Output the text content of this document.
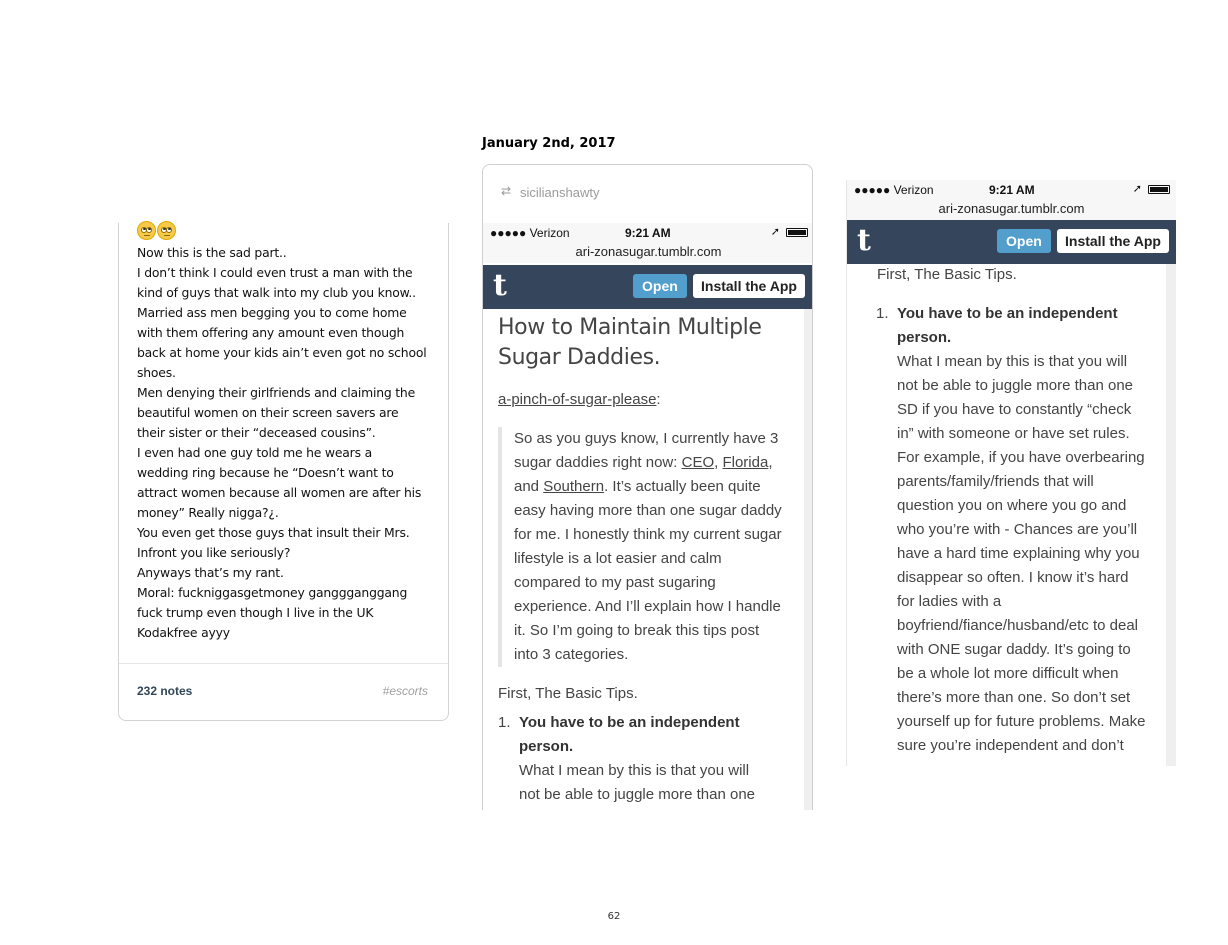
January 2nd, 2017

Now this is the sad part..

I don’t think I could even trust a man with the

kind of guys that walk into my club you know..

Married ass men begging you to come home

with them offering any amount even though

back at home your kids ain’t even got no school

shoes.

Men denying their girlfriends and claiming the

beautiful women on their screen savers are

their sister or their “deceased cousins”.

I even had one guy told me he wears a

wedding ring because he “Doesn’t want to

attract women because all women are after his

money” Really nigga?¿.

You even get those guys that insult their Mrs.

Infront you like seriously?

Anyways that’s my rant.

Moral: fuckniggasgetmoney ganggganggang

fuck trump even though I live in the UK

Kodakfree ayyy

232 notes	#escorts
⇄
sicilianshawty
●●●●● Verizon	9:21 AM	➚
ari-zonasugar.tumblr.com
t	Open	Install the App
How to Maintain Multiple
Sugar Daddies.
a-pinch-of-sugar-please:
So as you guys know, I currently have 3
sugar daddies right now: CEO, Florida,
and Southern. It’s actually been quite
easy having more than one sugar daddy
for me. I honestly think my current sugar
lifestyle is a lot easier and calm
compared to my past sugaring
experience. And I’ll explain how I handle
it. So I’m going to break this tips post
into 3 categories.
First, The Basic Tips.
1. You have to be an independent
person.
What I mean by this is that you will
not be able to juggle more than one
●●●●● Verizon	9:21 AM	➚
ari-zonasugar.tumblr.com
t	Open	Install the App
First, The Basic Tips.
1. You have to be an independent
person.
What I mean by this is that you will
not be able to juggle more than one
SD if you have to constantly “check
in” with someone or have set rules.
For example, if you have overbearing
parents/family/friends that will
question you on where you go and
who you’re with - Chances are you’ll
have a hard time explaining why you
disappear so often. I know it’s hard
for ladies with a
boyfriend/fiance/husband/etc to deal
with ONE sugar daddy. It’s going to
be a whole lot more difficult when
there’s more than one. So don’t set
yourself up for future problems. Make
sure you’re independent and don’t
62
